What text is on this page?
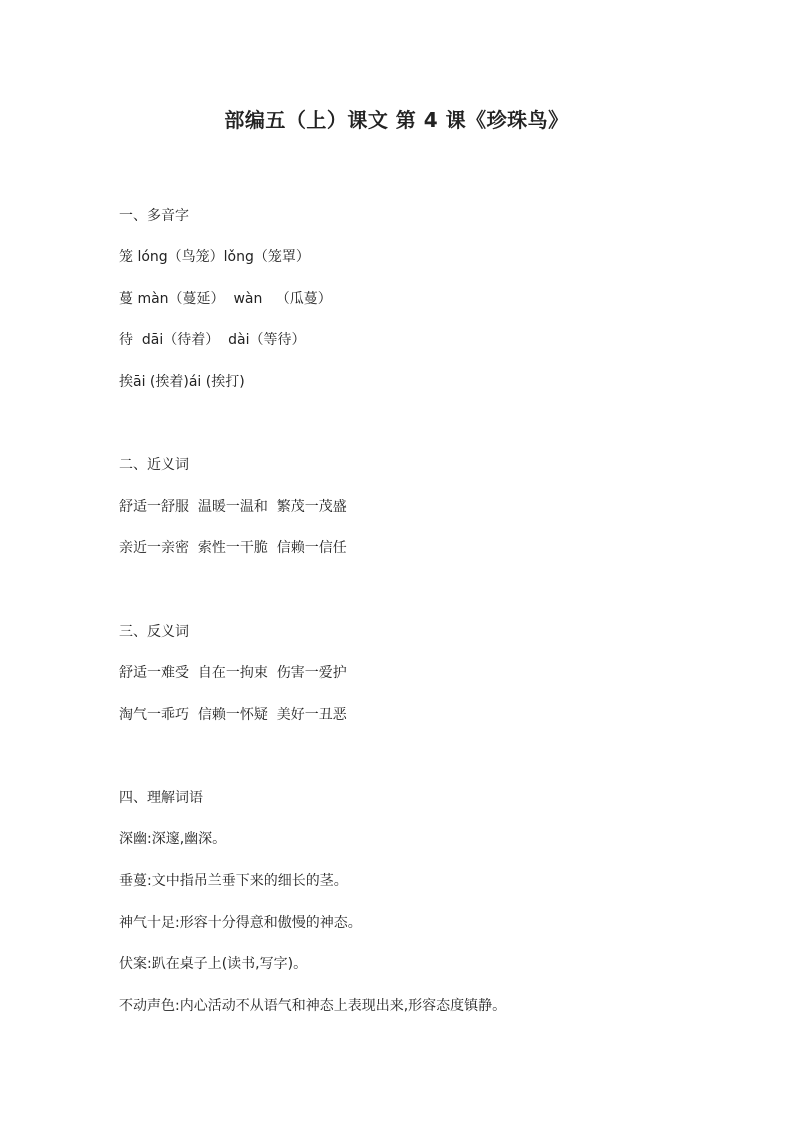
部编五（上）课文 第 4 课《珍珠鸟》
一、多音字
笼 lóng（鸟笼）lǒng（笼罩）
蔓 màn（蔓延）  wàn   （瓜蔓）
待  dāi（待着）  dài（等待）
挨āi (挨着)ái (挨打)
二、近义词
舒适一舒服  温暖一温和  繁茂一茂盛
亲近一亲密  索性一干脆  信赖一信任
三、反义词
舒适一难受  自在一拘束  伤害一爱护
淘气一乖巧  信赖一怀疑  美好一丑恶
四、理解词语
深幽:深邃,幽深。
垂蔓:文中指吊兰垂下来的细长的茎。
神气十足:形容十分得意和傲慢的神态。
伏案:趴在桌子上(读书,写字)。
不动声色:内心活动不从语气和神态上表现出来,形容态度镇静。
